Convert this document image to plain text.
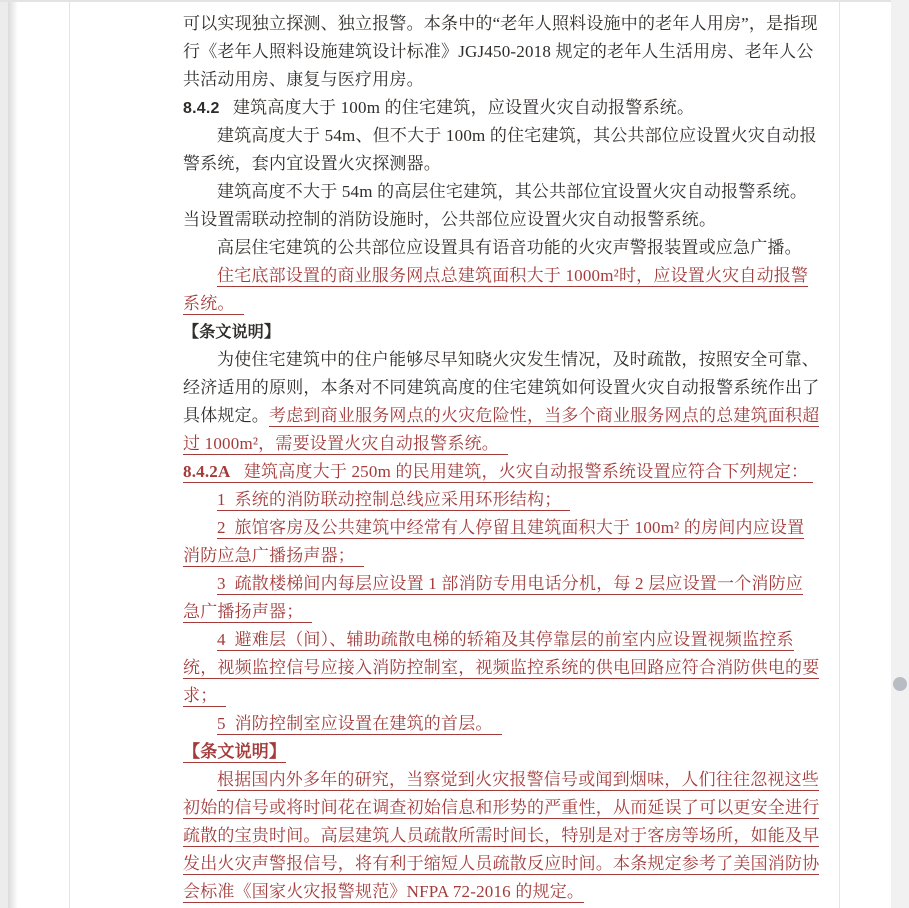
可以实现独立探测、独立报警。本条中的“老年人照料设施中的老年人用房”，是指现
行《老年人照料设施建筑设计标准》JGJ450-2018 规定的老年人生活用房、老年人公
共活动用房、康复与医疗用房。
8.4.2   建筑高度大于 100m 的住宅建筑，应设置火灾自动报警系统。
建筑高度大于 54m、但不大于 100m 的住宅建筑，其公共部位应设置火灾自动报
警系统，套内宜设置火灾探测器。
建筑高度不大于 54m 的高层住宅建筑，其公共部位宜设置火灾自动报警系统。
当设置需联动控制的消防设施时，公共部位应设置火灾自动报警系统。
高层住宅建筑的公共部位应设置具有语音功能的火灾声警报装置或应急广播。
住宅底部设置的商业服务网点总建筑面积大于 1000m²时，应设置火灾自动报警
系统。
【条文说明】
为使住宅建筑中的住户能够尽早知晓火灾发生情况，及时疏散，按照安全可靠、
经济适用的原则，本条对不同建筑高度的住宅建筑如何设置火灾自动报警系统作出了
具体规定。考虑到商业服务网点的火灾危险性，当多个商业服务网点的总建筑面积超
过 1000m²，需要设置火灾自动报警系统。
8.4.2A   建筑高度大于 250m 的民用建筑，火灾自动报警系统设置应符合下列规定：
1  系统的消防联动控制总线应采用环形结构；
2  旅馆客房及公共建筑中经常有人停留且建筑面积大于 100m² 的房间内应设置
消防应急广播扬声器；
3  疏散楼梯间内每层应设置 1 部消防专用电话分机，每 2 层应设置一个消防应
急广播扬声器；
4  避难层（间）、辅助疏散电梯的轿箱及其停靠层的前室内应设置视频监控系
统，视频监控信号应接入消防控制室，视频监控系统的供电回路应符合消防供电的要
求；
5  消防控制室应设置在建筑的首层。
【条文说明】
根据国内外多年的研究，当察觉到火灾报警信号或闻到烟味，人们往往忽视这些
初始的信号或将时间花在调查初始信息和形势的严重性，从而延误了可以更安全进行
疏散的宝贵时间。高层建筑人员疏散所需时间长，特别是对于客房等场所，如能及早
发出火灾声警报信号，将有利于缩短人员疏散反应时间。本条规定参考了美国消防协
会标准《国家火灾报警规范》NFPA 72-2016 的规定。
